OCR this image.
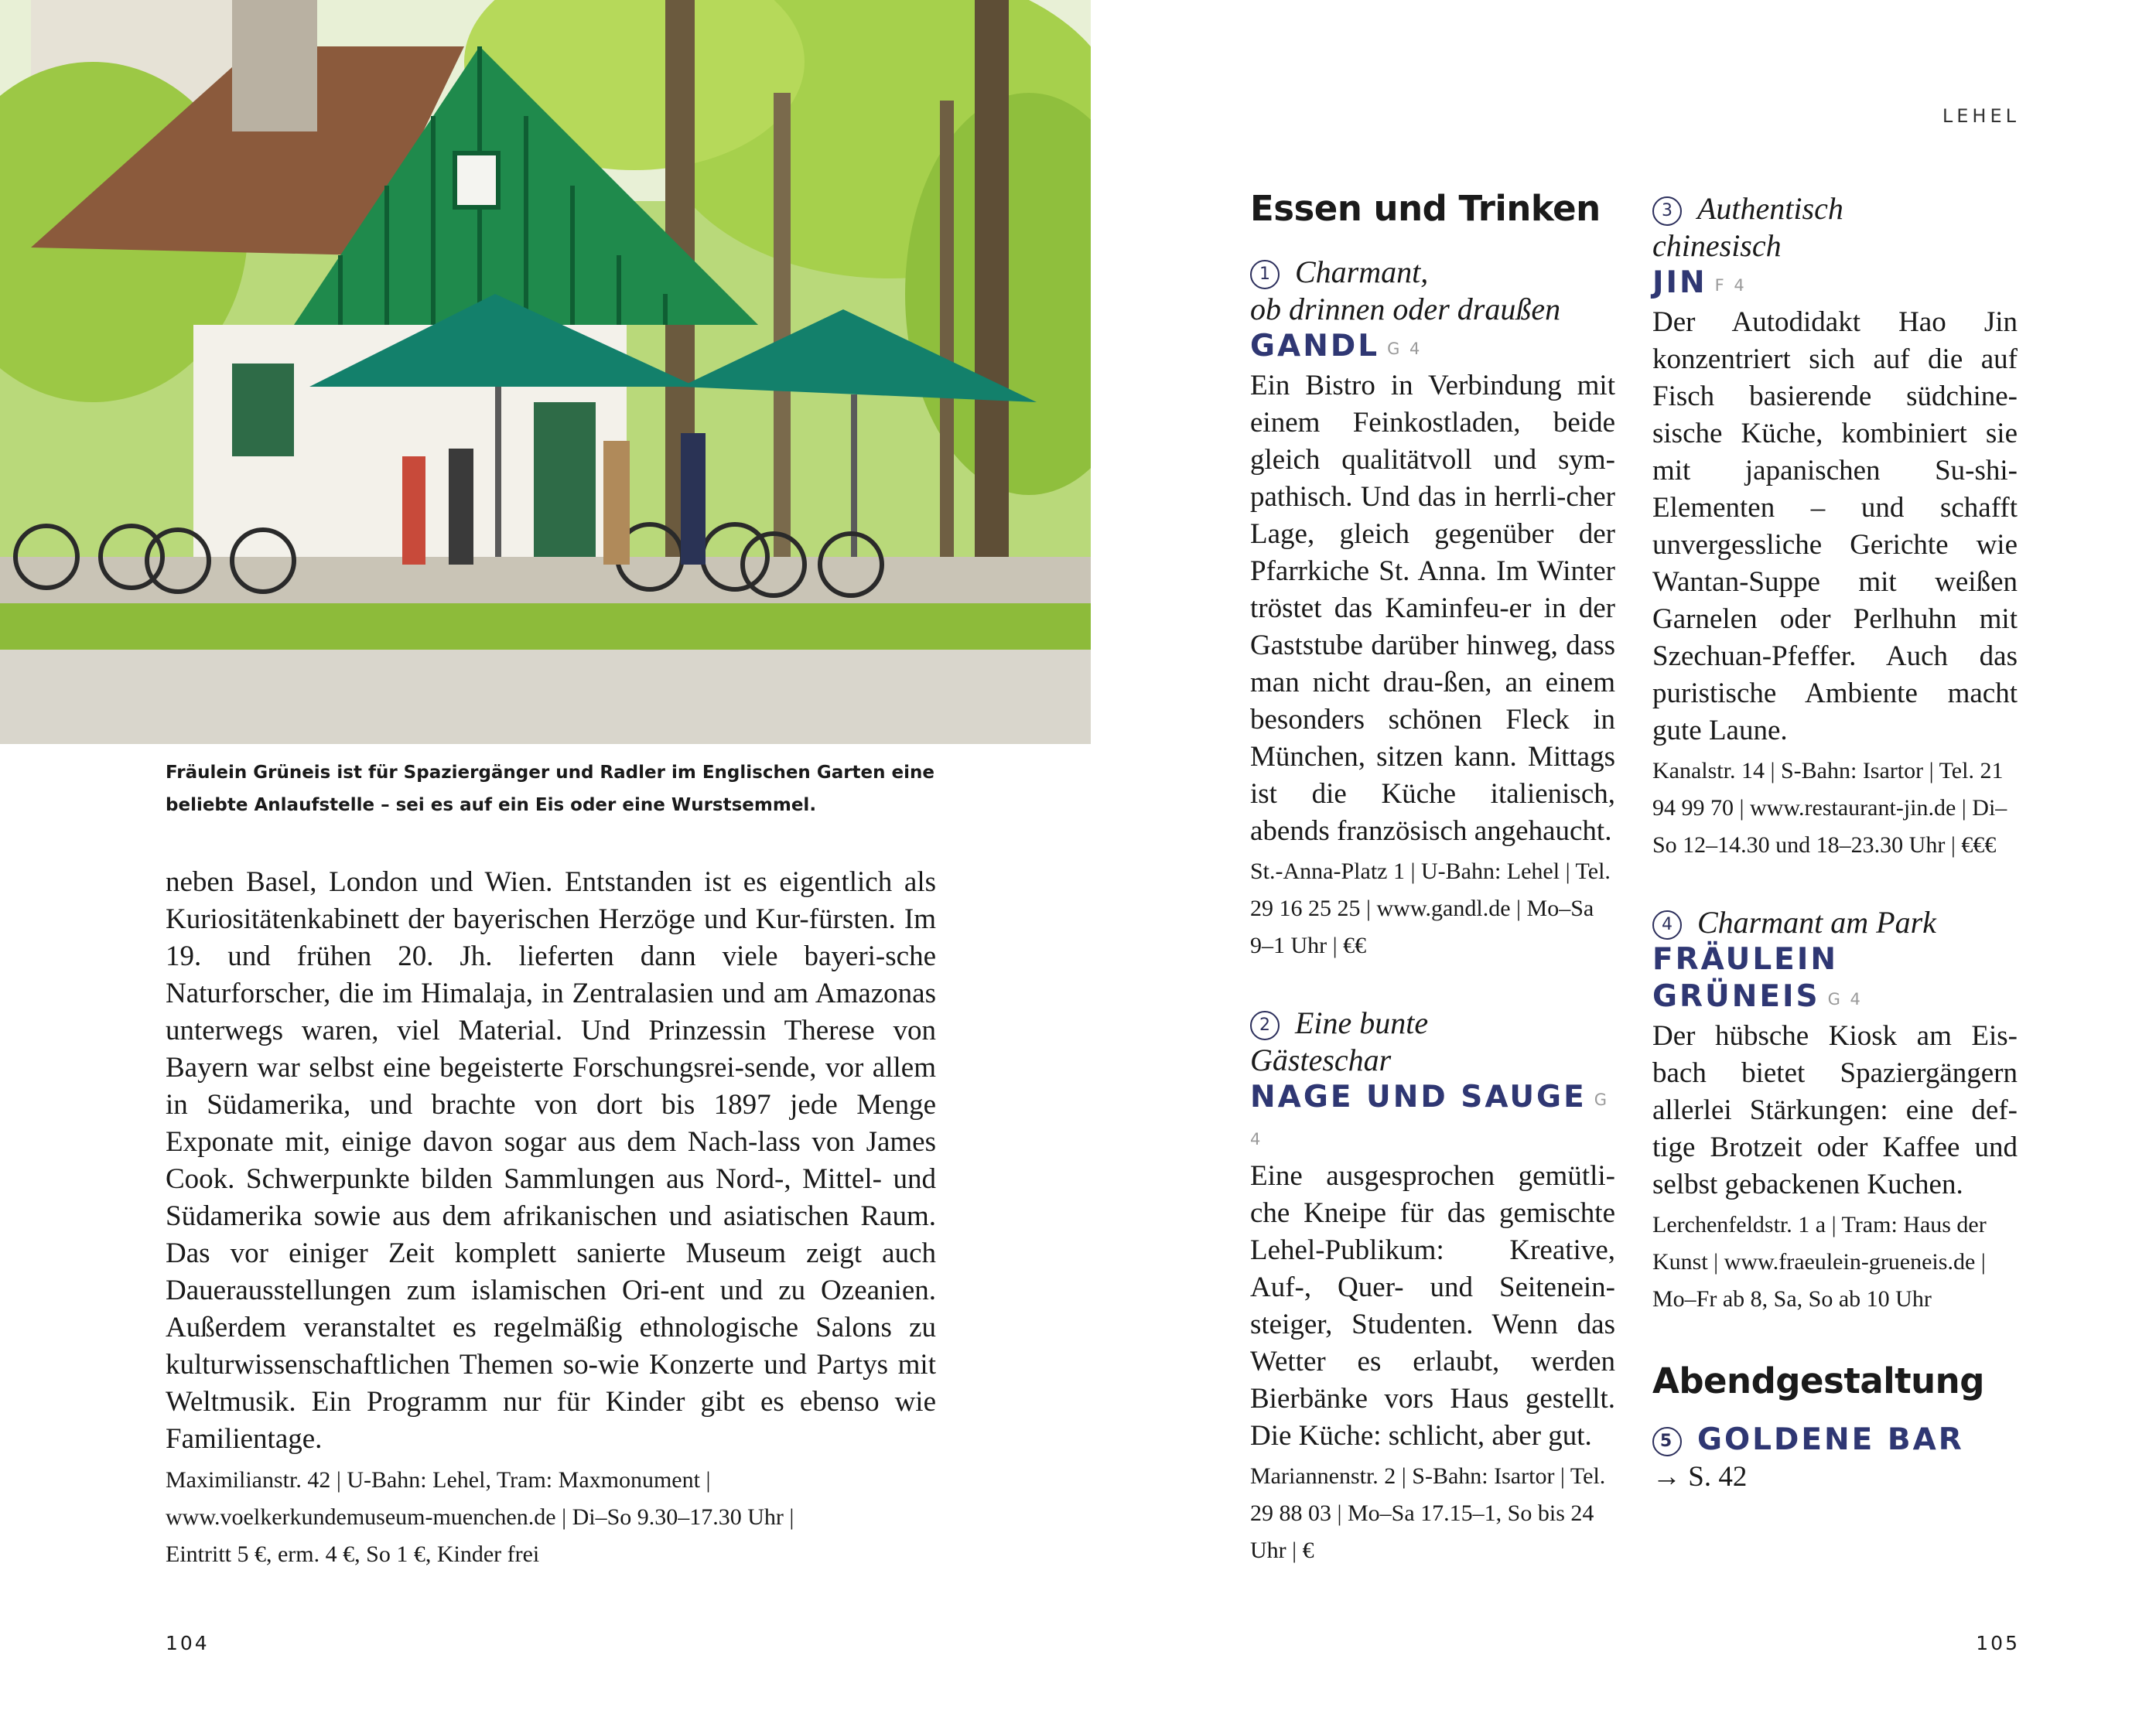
Fräulein Grüneis ist für Spaziergänger und Radler im Englischen Garten eine
beliebte Anlaufstelle – sei es auf ein Eis oder eine Wurstsemmel.
neben Basel, London und Wien. Entstanden ist es eigentlich als Kuriositätenkabinett der bayerischen Herzöge und Kur-fürsten. Im 19. und frühen 20. Jh. lieferten dann viele bayeri-sche Naturforscher, die im Himalaja, in Zentralasien und am Amazonas unterwegs waren, viel Material. Und Prinzessin Therese von Bayern war selbst eine begeisterte Forschungsrei-sende, vor allem in Südamerika, und brachte von dort bis 1897 jede Menge Exponate mit, einige davon sogar aus dem Nach-lass von James Cook. Schwerpunkte bilden Sammlungen aus Nord-, Mittel- und Südamerika sowie aus dem afrikanischen und asiatischen Raum. Das vor einiger Zeit komplett sanierte Museum zeigt auch Dauerausstellungen zum islamischen Ori-ent und zu Ozeanien. Außerdem veranstaltet es regelmäßig ethnologische Salons zu kulturwissenschaftlichen Themen so-wie Konzerte und Partys mit Weltmusik. Ein Programm nur für Kinder gibt es ebenso wie Familientage.
Maximilianstr. 42 | U-Bahn: Lehel, Tram: Maxmonument |
www.voelkerkundemuseum-muenchen.de | Di–So 9.30–17.30 Uhr |
Eintritt 5 €, erm. 4 €, So 1 €, Kinder frei
104
LEHEL
Essen und Trinken
1 Charmant,
ob drinnen oder draußen
GANDL G 4
Ein Bistro in Verbindung mit einem Feinkostladen, beide gleich qualitätvoll und sym-pathisch. Und das in herrli-cher Lage, gleich gegenüber der Pfarrkiche St. Anna. Im Winter tröstet das Kaminfeu-er in der Gaststube darüber hinweg, dass man nicht drau-ßen, an einem besonders schönen Fleck in München, sitzen kann. Mittags ist die Küche italienisch, abends französisch angehaucht.
St.-Anna-Platz 1 | U-Bahn: Lehel | Tel. 29 16 25 25 | www.gandl.de | Mo–Sa 9–1 Uhr | €€
2 Eine bunte
Gästeschar
NAGE UND SAUGE G 4
Eine ausgesprochen gemütli-che Kneipe für das gemischte Lehel-Publikum: Kreative, Auf-, Quer- und Seitenein-steiger, Studenten. Wenn das Wetter es erlaubt, werden Bierbänke vors Haus gestellt. Die Küche: schlicht, aber gut.
Mariannenstr. 2 | S-Bahn: Isartor | Tel. 29 88 03 | Mo–Sa 17.15–1, So bis 24 Uhr | €
3 Authentisch
chinesisch
JIN F 4
Der Autodidakt Hao Jin konzentriert sich auf die auf Fisch basierende südchine-sische Küche, kombiniert sie mit japanischen Su-shi-Elementen – und schafft unvergessliche Gerichte wie Wantan-Suppe mit weißen Garnelen oder Perlhuhn mit Szechuan-Pfeffer. Auch das puristische Ambiente macht gute Laune.
Kanalstr. 14 | S-Bahn: Isartor | Tel. 21 94 99 70 | www.restaurant-jin.de | Di–So 12–14.30 und 18–23.30 Uhr | €€€
4 Charmant am Park
FRÄULEIN
GRÜNEIS G 4
Der hübsche Kiosk am Eis-bach bietet Spaziergängern allerlei Stärkungen: eine def-tige Brotzeit oder Kaffee und selbst gebackenen Kuchen.
Lerchenfeldstr. 1 a | Tram: Haus der Kunst | www.fraeulein-grueneis.de | Mo–Fr ab 8, Sa, So ab 10 Uhr
Abendgestaltung
5 GOLDENE BAR
→ S. 42
105
